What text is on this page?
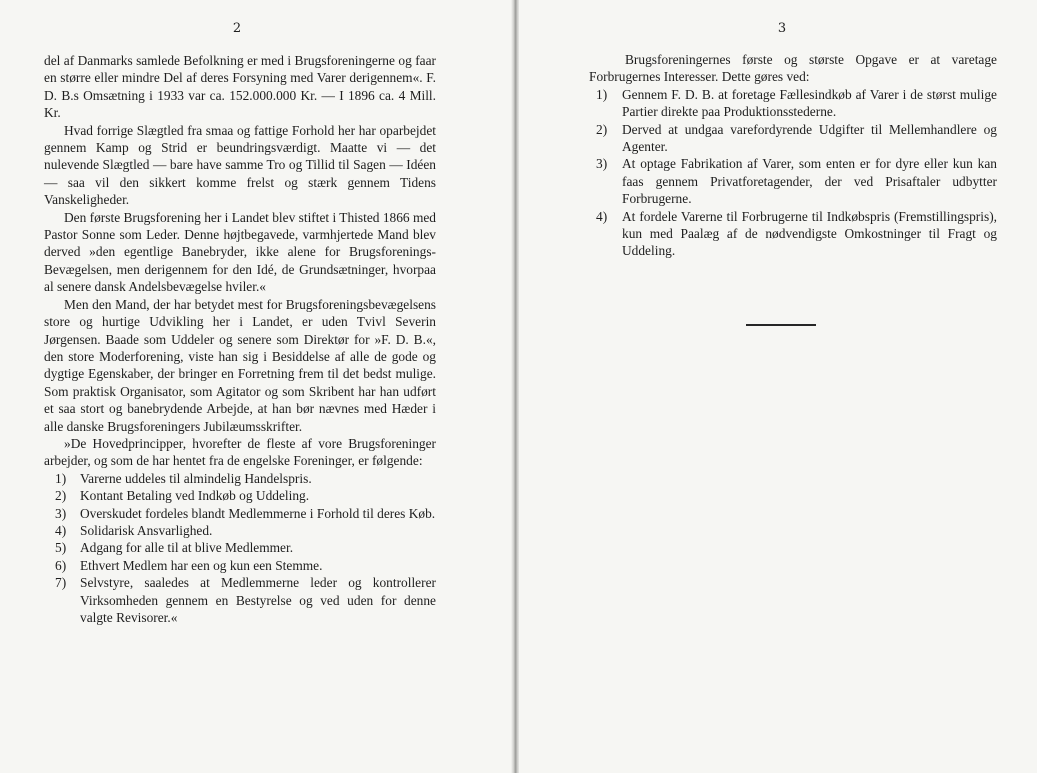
2

del af Danmarks samlede Befolkning er med i Brugsforeningerne og faar en større eller mindre Del af deres Forsyning med Varer derigennem«. F. D. B.s Omsætning i 1933 var ca. 152.000.000 Kr. — I 1896 ca. 4 Mill. Kr.

Hvad forrige Slægtled fra smaa og fattige Forhold her har oparbejdet gennem Kamp og Strid er beundringsværdigt. Maatte vi — det nulevende Slægtled — bare have samme Tro og Tillid til Sagen — Idéen — saa vil den sikkert komme frelst og stærk gennem Tidens Vanskeligheder.

Den første Brugsforening her i Landet blev stiftet i Thisted 1866 med Pastor Sonne som Leder. Denne højtbegavede, varmhjertede Mand blev derved »den egentlige Banebryder, ikke alene for Brugsforenings-Bevægelsen, men derigennem for den Idé, de Grundsætninger, hvorpaa al senere dansk Andelsbevægelse hviler.«

Men den Mand, der har betydet mest for Brugsforeningsbevægelsens store og hurtige Udvikling her i Landet, er uden Tvivl Severin Jørgensen. Baade som Uddeler og senere som Direktør for »F. D. B.«, den store Moderforening, viste han sig i Besiddelse af alle de gode og dygtige Egenskaber, der bringer en Forretning frem til det bedst mulige. Som praktisk Organisator, som Agitator og som Skribent har han udført et saa stort og banebrydende Arbejde, at han bør nævnes med Hæder i alle danske Brugsforeningers Jubilæumsskrifter.

»De Hovedprincipper, hvorefter de fleste af vore Brugsforeninger arbejder, og som de har hentet fra de engelske Foreninger, er følgende:

1) Varerne uddeles til almindelig Handelspris.
2) Kontant Betaling ved Indkøb og Uddeling.
3) Overskudet fordeles blandt Medlemmerne i Forhold til deres Køb.
4) Solidarisk Ansvarlighed.
5) Adgang for alle til at blive Medlemmer.
6) Ethvert Medlem har een og kun een Stemme.
7) Selvstyre, saaledes at Medlemmerne leder og kontrollerer Virksomheden gennem en Bestyrelse og ved uden for denne valgte Revisorer.«
3

Brugsforeningernes første og største Opgave er at varetage Forbrugernes Interesser. Dette gøres ved:

1) Gennem F. D. B. at foretage Fællesindkøb af Varer i de størst mulige Partier direkte paa Produktionsstederne.
2) Derved at undgaa varefordyrende Udgifter til Mellemhandlere og Agenter.
3) At optage Fabrikation af Varer, som enten er for dyre eller kun kan faas gennem Privatforetagender, der ved Prisaftaler udbytter Forbrugerne.
4) At fordele Varerne til Forbrugerne til Indkøbspris (Fremstillingspris), kun med Paalæg af de nødvendigste Omkostninger til Fragt og Uddeling.
